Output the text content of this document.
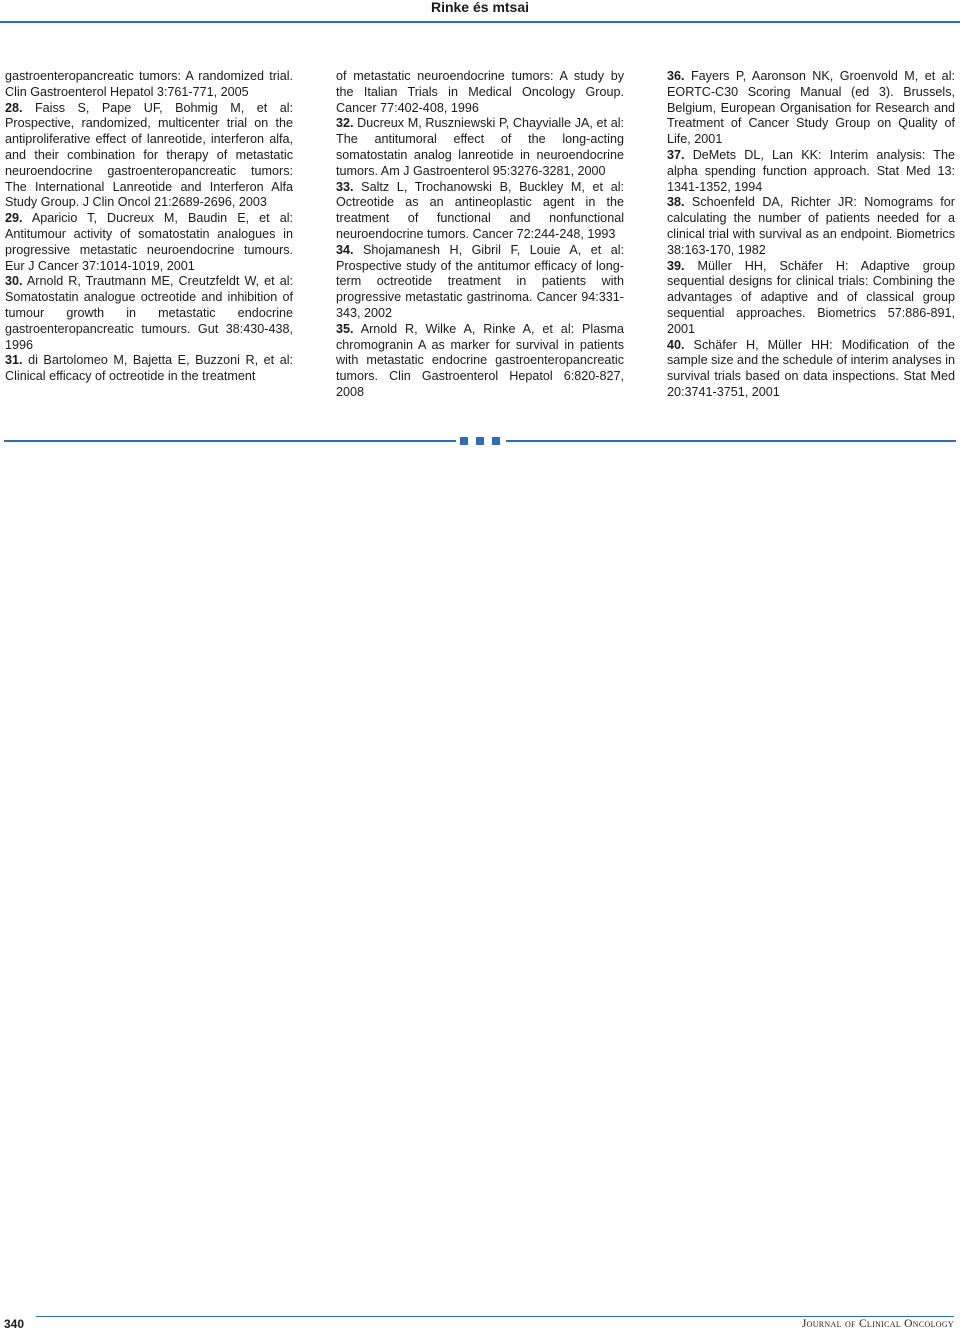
Rinke és mtsai

gastroenteropancreatic tumors: A randomized trial. Clin Gastroenterol Hepatol 3:761-771, 2005

28. Faiss S, Pape UF, Bohmig M, et al: Prospective, randomized, multicenter trial on the antiproliferative effect of lanreotide, interferon alfa, and their combination for therapy of metastatic neuroendocrine gastroenteropancreatic tumors: The International Lanreotide and Interferon Alfa Study Group. J Clin Oncol 21:2689-2696, 2003

29. Aparicio T, Ducreux M, Baudin E, et al: Antitumour activity of somatostatin analogues in progressive metastatic neuroendocrine tumours. Eur J Cancer 37:1014-1019, 2001

30. Arnold R, Trautmann ME, Creutzfeldt W, et al: Somatostatin analogue octreotide and inhibition of tumour growth in metastatic endocrine gastroenteropancreatic tumours. Gut 38:430-438, 1996

31. di Bartolomeo M, Bajetta E, Buzzoni R, et al: Clinical efficacy of octreotide in the treatment

of metastatic neuroendocrine tumors: A study by the Italian Trials in Medical Oncology Group. Cancer 77:402-408, 1996

32. Ducreux M, Ruszniewski P, Chayvialle JA, et al: The antitumoral effect of the long-acting somatostatin analog lanreotide in neuroendocrine tumors. Am J Gastroenterol 95:3276-3281, 2000

33. Saltz L, Trochanowski B, Buckley M, et al: Octreotide as an antineoplastic agent in the treatment of functional and nonfunctional neuroendocrine tumors. Cancer 72:244-248, 1993

34. Shojamanesh H, Gibril F, Louie A, et al: Prospective study of the antitumor efficacy of long-term octreotide treatment in patients with progressive metastatic gastrinoma. Cancer 94:331-343, 2002

35. Arnold R, Wilke A, Rinke A, et al: Plasma chromogranin A as marker for survival in patients with metastatic endocrine gastroenteropancreatic tumors. Clin Gastroenterol Hepatol 6:820-827, 2008

36. Fayers P, Aaronson NK, Groenvold M, et al: EORTC-C30 Scoring Manual (ed 3). Brussels, Belgium, European Organisation for Research and Treatment of Cancer Study Group on Quality of Life, 2001

37. DeMets DL, Lan KK: Interim analysis: The alpha spending function approach. Stat Med 13: 1341-1352, 1994

38. Schoenfeld DA, Richter JR: Nomograms for calculating the number of patients needed for a clinical trial with survival as an endpoint. Biometrics 38:163-170, 1982

39. Müller HH, Schäfer H: Adaptive group sequential designs for clinical trials: Combining the advantages of adaptive and of classical group sequential approaches. Biometrics 57:886-891, 2001

40. Schäfer H, Müller HH: Modification of the sample size and the schedule of interim analyses in survival trials based on data inspections. Stat Med 20:3741-3751, 2001

340	Journal of Clinical Oncology
